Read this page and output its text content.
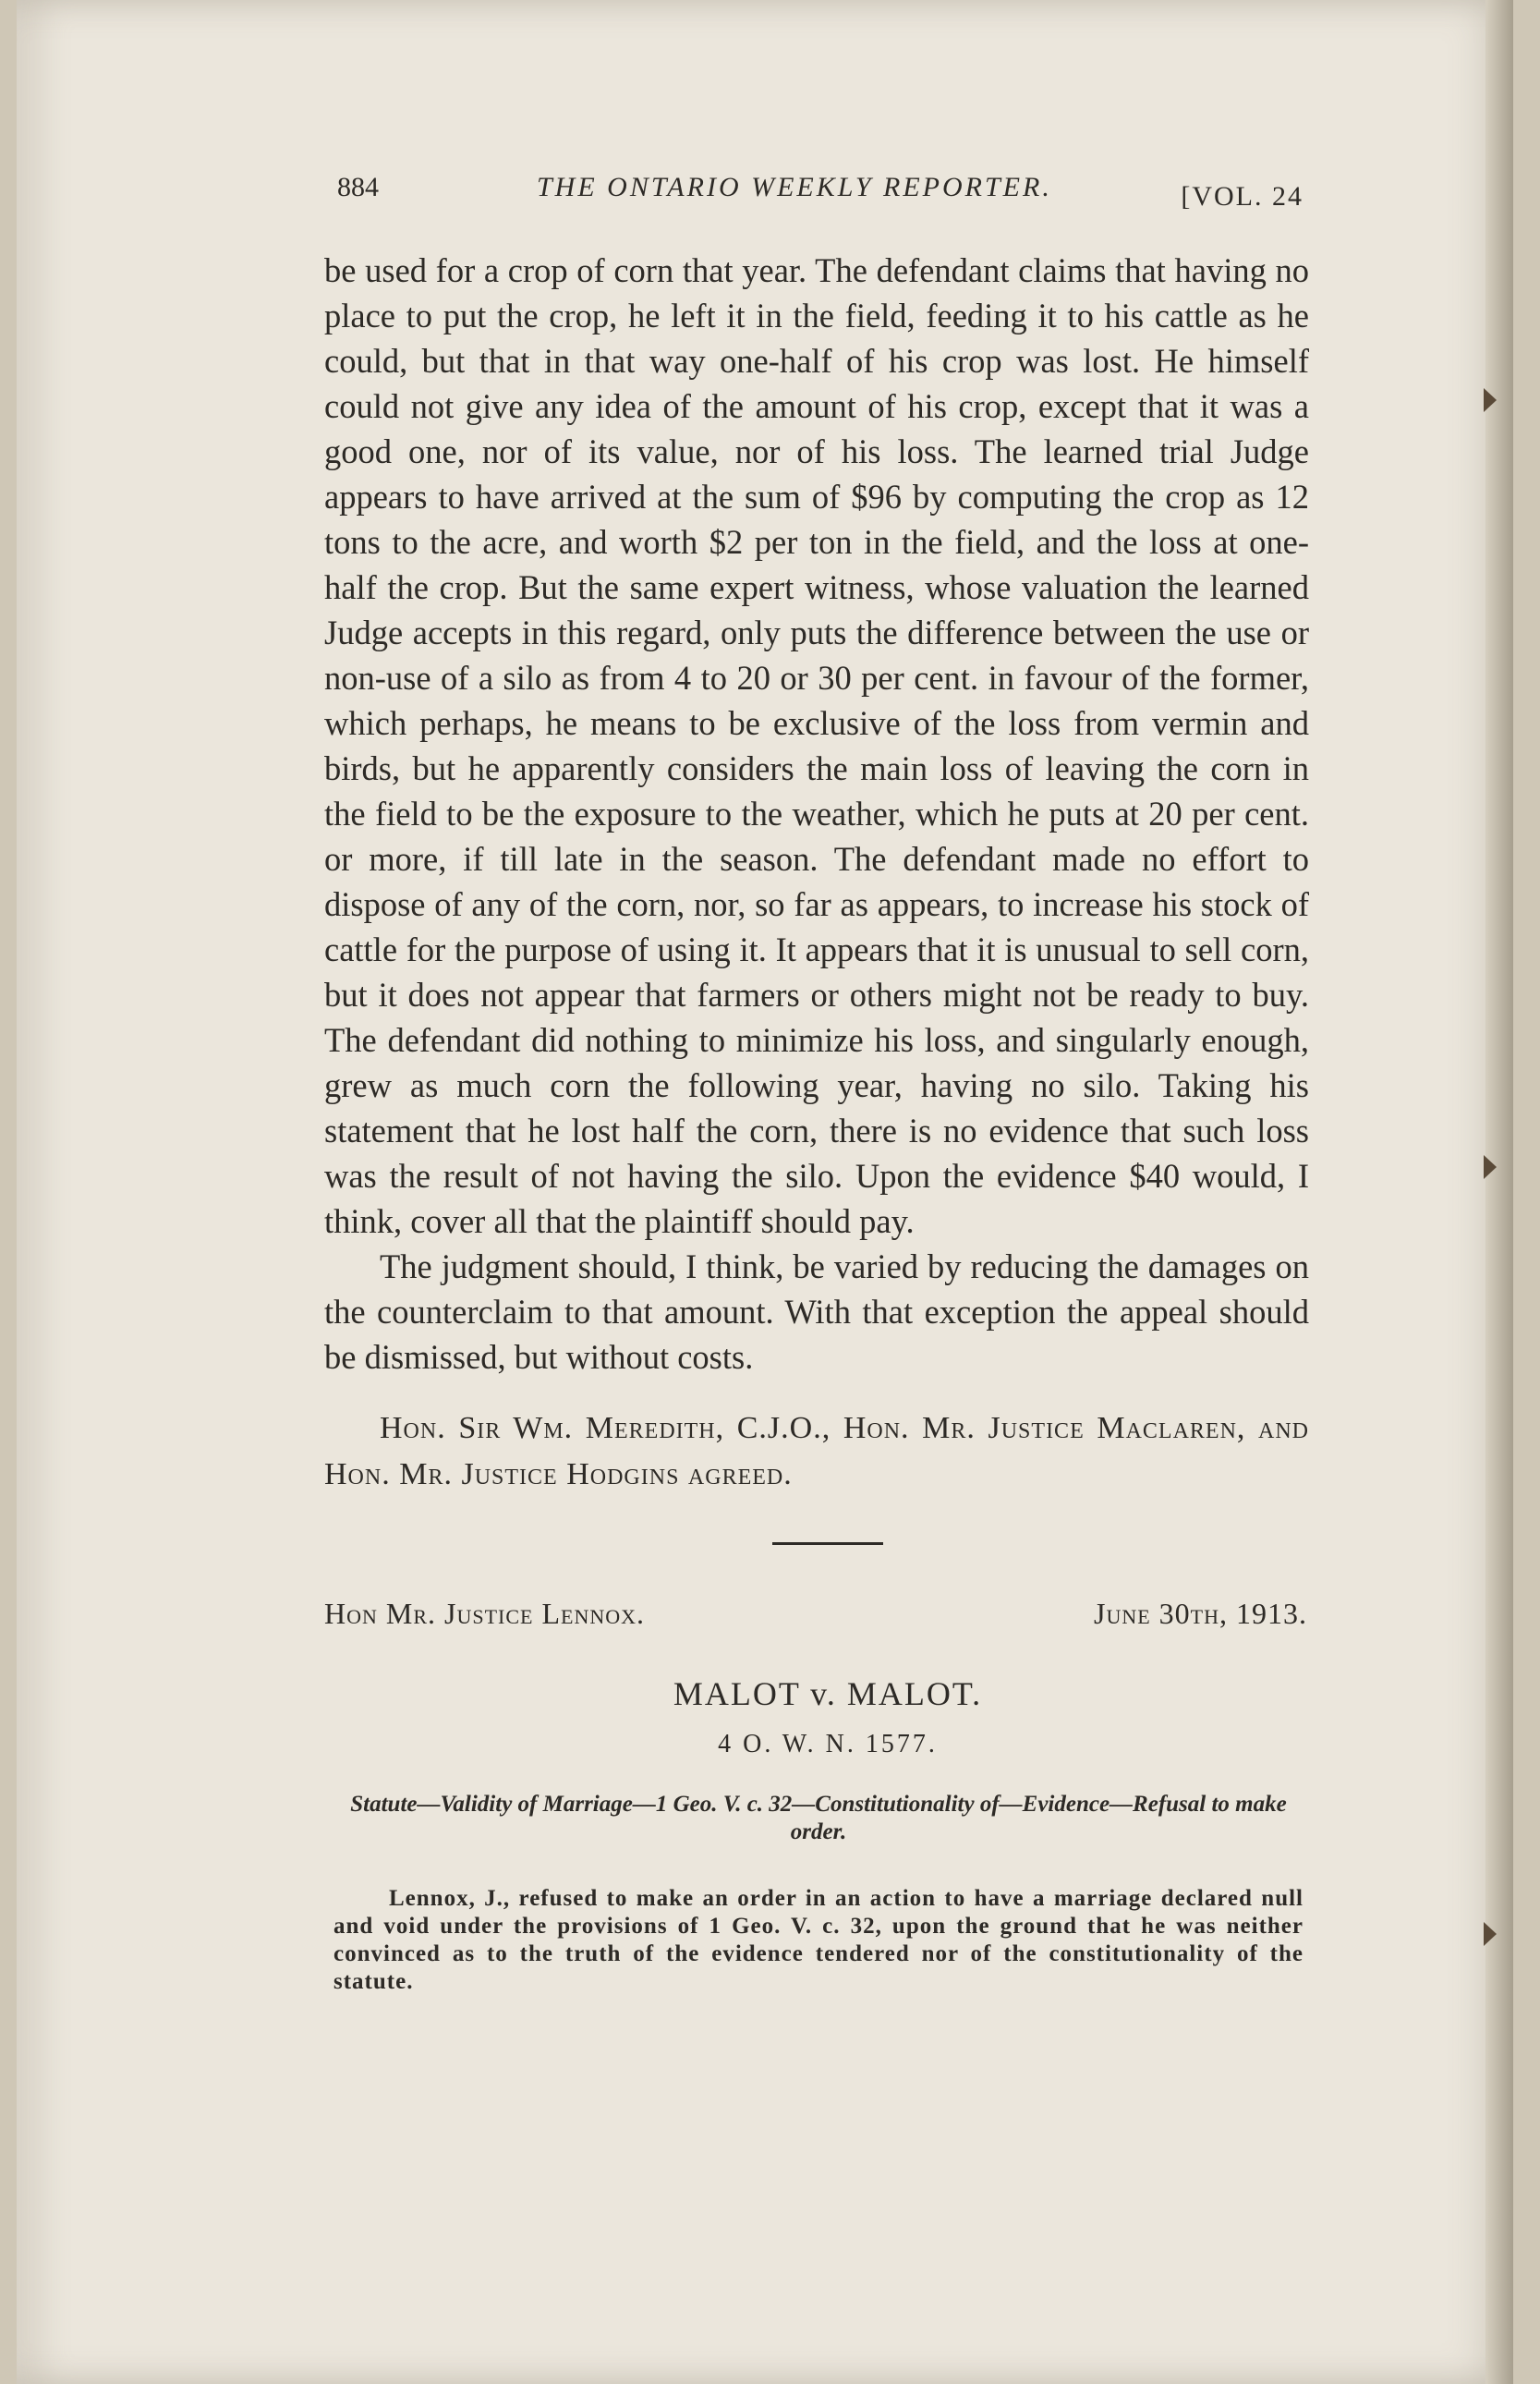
884	THE ONTARIO WEEKLY REPORTER.	[VOL. 24

be used for a crop of corn that year. The defendant claims that having no place to put the crop, he left it in the field, feeding it to his cattle as he could, but that in that way one-half of his crop was lost. He himself could not give any idea of the amount of his crop, except that it was a good one, nor of its value, nor of his loss. The learned trial Judge appears to have arrived at the sum of $96 by computing the crop as 12 tons to the acre, and worth $2 per ton in the field, and the loss at one-half the crop. But the same expert witness, whose valuation the learned Judge accepts in this regard, only puts the difference between the use or non-use of a silo as from 4 to 20 or 30 per cent. in favour of the former, which perhaps, he means to be exclusive of the loss from vermin and birds, but he apparently considers the main loss of leaving the corn in the field to be the exposure to the weather, which he puts at 20 per cent. or more, if till late in the season. The defendant made no effort to dispose of any of the corn, nor, so far as appears, to increase his stock of cattle for the purpose of using it. It appears that it is unusual to sell corn, but it does not appear that farmers or others might not be ready to buy. The defendant did nothing to minimize his loss, and singularly enough, grew as much corn the following year, having no silo. Taking his statement that he lost half the corn, there is no evidence that such loss was the result of not having the silo. Upon the evidence $40 would, I think, cover all that the plaintiff should pay.

The judgment should, I think, be varied by reducing the damages on the counterclaim to that amount. With that exception the appeal should be dismissed, but without costs.

Hon. Sir Wm. Meredith, C.J.O., Hon. Mr. Justice Maclaren, and Hon. Mr. Justice Hodgins agreed.
Hon Mr. Justice Lennox.	June 30th, 1913.
MALOT v. MALOT.
4 O. W. N. 1577.
Statute—Validity of Marriage—1 Geo. V. c. 32—Constitutionality of—Evidence—Refusal to make order.
Lennox, J., refused to make an order in an action to have a marriage declared null and void under the provisions of 1 Geo. V. c. 32, upon the ground that he was neither convinced as to the truth of the evidence tendered nor of the constitutionality of the statute.
